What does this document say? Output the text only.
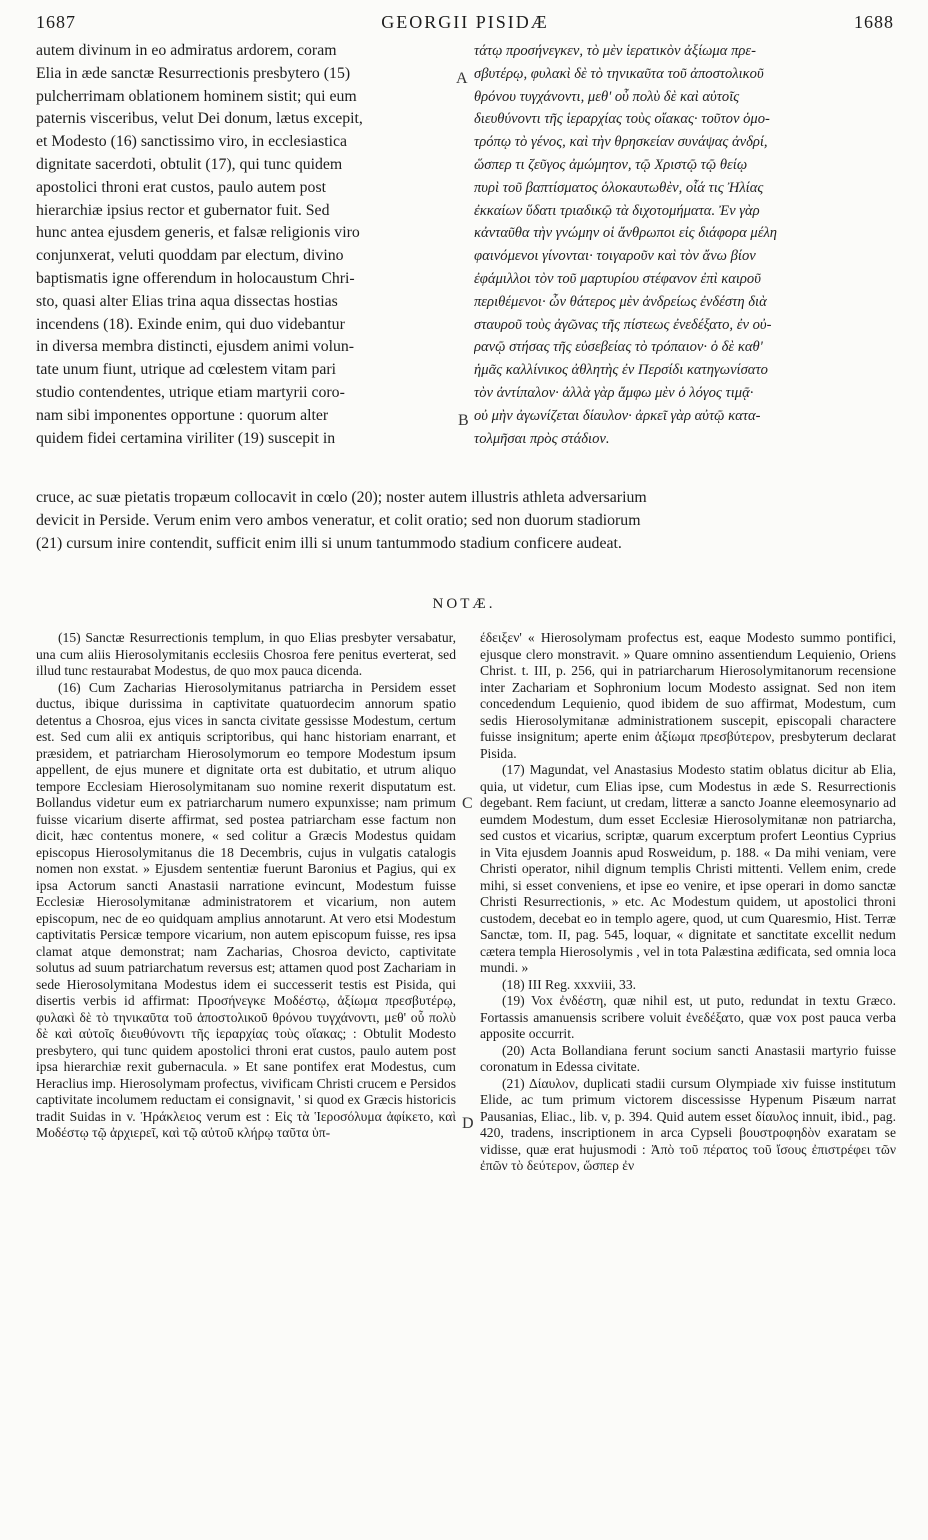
1687	GEORGII PISIDÆ	1688
autem divinum in eo admiratus ardorem, coram
Elia in æde sanctæ Resurrectionis presbytero (15)
pulcherrimam oblationem hominem sistit; qui eum
paternis visceribus, velut Dei donum, lætus excepit,
et Modesto (16) sanctissimo viro, in ecclesiastica
dignitate sacerdoti, obtulit (17), qui tunc quidem
apostolici throni erat custos, paulo autem post
hierarchiæ ipsius rector et gubernator fuit. Sed
hunc antea ejusdem generis, et falsæ religionis viro
conjunxerat, veluti quoddam par electum, divino
baptismatis igne offerendum in holocaustum Chri-
sto, quasi alter Elias trina aqua dissectas hostias
incendens (18). Exinde enim, qui duo videbantur
in diversa membra distincti, ejusdem animi volun-
tate unum fiunt, utrique ad cœlestem vitam pari
studio contendentes, utrique etiam martyrii coro-
nam sibi imponentes opportune : quorum alter
quidem fidei certamina viriliter (19) suscepit in
τάτῳ προσήνεγκεν, τὸ μὲν ἱερατικὸν ἀξίωμα πρε-
σβυτέρῳ, φυλακὶ δὲ τὸ τηνικαῦτα τοῦ ἀποστολικοῦ
θρόνου τυγχάνοντι, μεθ' οὗ πολὺ δὲ καὶ αὐτοῖς
διευθύνοντι τῆς ἱεραρχίας τοὺς οἴακας· τοῦτον ὁμο-
τρόπῳ τὸ γένος, καὶ τὴν θρησκείαν συνάψας ἀνδρί,
ὥσπερ τι ζεῦγος ἀμώμητον, τῷ Χριστῷ τῷ θείῳ
πυρὶ τοῦ βαπτίσματος ὁλοκαυτωθὲν, οἷά τις Ἠλίας
ἐκκαίων ὕδατι τριαδικῷ τὰ διχοτομήματα. Ἐν γὰρ
κἀνταῦθα τὴν γνώμην οἱ ἄνθρωποι εἰς διάφορα μέλη
φαινόμενοι γίνονται· τοιγαροῦν καὶ τὸν ἄνω βίον
ἐφάμιλλοι τὸν τοῦ μαρτυρίου στέφανον ἐπὶ καιροῦ
περιθέμενοι· ὧν θάτερος μὲν ἀνδρείως ἐνδέστη διὰ
σταυροῦ τοὺς ἀγῶνας τῆς πίστεως ἐνεδέξατο, ἐν οὐ-
ρανῷ στήσας τῆς εὐσεβείας τὸ τρόπαιον· ὁ δὲ καθ'
ἡμᾶς καλλίνικος ἀθλητὴς ἐν Περσίδι κατηγωνίσατο
τὸν ἀντίπαλον· ἀλλὰ γὰρ ἄμφω μὲν ὁ λόγος τιμᾷ·
οὐ μὴν ἀγωνίζεται δίαυλον· ἀρκεῖ γὰρ αὐτῷ κατα-
τολμῆσαι πρὸς στάδιον.
A
B
C
D
cruce, ac suæ pietatis tropæum collocavit in cœlo (20); noster autem illustris athleta adversarium
devicit in Perside. Verum enim vero ambos veneratur, et colit oratio; sed non duorum stadiorum
(21) cursum inire contendit, sufficit enim illi si unum tantummodo stadium conficere audeat.
NOTÆ.

(15) Sanctæ Resurrectionis templum, in quo Elias presbyter versabatur, una cum aliis Hierosolymitanis ecclesiis Chosroa fere penitus everterat, sed illud tunc restaurabat Modestus, de quo mox pauca dicenda.

(16) Cum Zacharias Hierosolymitanus patriarcha in Persidem esset ductus, ibique durissima in captivitate quatuordecim annorum spatio detentus a Chosroa, ejus vices in sancta civitate gessisse Modestum, certum est. Sed cum alii ex antiquis scriptoribus, qui hanc historiam enarrant, et præsidem, et patriarcham Hierosolymorum eo tempore Modestum ipsum appellent, de ejus munere et dignitate orta est dubitatio, et utrum aliquo tempore Ecclesiam Hierosolymitanam suo nomine rexerit disputatum est. Bollandus videtur eum ex patriarcharum numero expunxisse; nam primum fuisse vicarium diserte affirmat, sed postea patriarcham esse factum non dicit, hæc contentus monere, « sed colitur a Græcis Modestus quidam episcopus Hierosolymitanus die 18 Decembris, cujus in vulgatis catalogis nomen non exstat. » Ejusdem sententiæ fuerunt Baronius et Pagius, qui ex ipsa Actorum sancti Anastasii narratione evincunt, Modestum fuisse Ecclesiæ Hierosolymitanæ administratorem et vicarium, non autem episcopum, nec de eo quidquam amplius annotarunt. At vero etsi Modestum captivitatis Persicæ tempore vicarium, non autem episcopum fuisse, res ipsa clamat atque demonstrat; nam Zacharias, Chosroa devicto, captivitate solutus ad suum patriarchatum reversus est; attamen quod post Zachariam in sede Hierosolymitana Modestus idem ei successerit testis est Pisida, qui disertis verbis id affirmat: Προσήνεγκε Μοδέστῳ, ἀξίωμα πρεσβυτέρῳ, φυλακὶ δὲ τὸ τηνικαῦτα τοῦ ἀποστολικοῦ θρόνου τυγχάνοντι, μεθ' οὗ πολὺ δὲ καὶ αὐτοῖς διευθύνοντι τῆς ἱεραρχίας τοὺς οἴακας; : Obtulit Modesto presbytero, qui tunc quidem apostolici throni erat custos, paulo autem post ipsa hierarchiæ rexit gubernacula. » Et sane pontifex erat Modestus, cum Heraclius imp. Hierosolymam profectus, vivificam Christi crucem e Persidos captivitate incolumem reductam ei consignavit, ' si quod ex Græcis historicis tradit Suidas in v. Ἡράκλειος verum est : Εἰς τὰ Ἱεροσόλυμα ἀφίκετο, καὶ Μοδέστῳ τῷ ἀρχιερεῖ, καὶ τῷ αὐτοῦ κλήρῳ ταῦτα ὑπ-

έδειξεν' « Hierosolymam profectus est, eaque Modesto summo pontifici, ejusque clero monstravit. » Quare omnino assentiendum Lequienio, Oriens Christ. t. III, p. 256, qui in patriarcharum Hierosolymitanorum recensione inter Zachariam et Sophronium locum Modesto assignat. Sed non item concedendum Lequienio, quod ibidem de suo affirmat, Modestum, cum sedis Hierosolymitanæ administrationem suscepit, episcopali charactere fuisse insignitum; aperte enim ἀξίωμα πρεσβύτερον, presbyterum declarat Pisida.

(17) Magundat, vel Anastasius Modesto statim oblatus dicitur ab Elia, quia, ut videtur, cum Elias ipse, cum Modestus in æde S. Resurrectionis degebant. Rem faciunt, ut credam, litteræ a sancto Joanne eleemosynario ad eumdem Modestum, dum esset Ecclesiæ Hierosolymitanæ non patriarcha, sed custos et vicarius, scriptæ, quarum excerptum profert Leontius Cyprius in Vita ejusdem Joannis apud Rosweidum, p. 188. « Da mihi veniam, vere Christi operator, nihil dignum templis Christi mittenti. Vellem enim, crede mihi, si esset conveniens, et ipse eo venire, et ipse operari in domo sanctæ Christi Resurrectionis, » etc. Ac Modestum quidem, ut apostolici throni custodem, decebat eo in templo agere, quod, ut cum Quaresmio, Hist. Terræ Sanctæ, tom. II, pag. 545, loquar, « dignitate et sanctitate excellit nedum cætera templa Hierosolymis , vel in tota Palæstina ædificata, sed omnia loca mundi. »

(18) III Reg. xxxviii, 33.

(19) Vox ἐνδέστη, quæ nihil est, ut puto, redundat in textu Græco. Fortassis amanuensis scribere voluit ἐνεδέξατο, quæ vox post pauca verba apposite occurrit.

(20) Acta Bollandiana ferunt socium sancti Anastasii martyrio fuisse coronatum in Edessa civitate.

(21) Δίαυλον, duplicati stadii cursum Olympiade xiv fuisse institutum Elide, ac tum primum victorem discessisse Hypenum Pisæum narrat Pausanias, Eliac., lib. v, p. 394. Quid autem esset δίαυλος innuit, ibid., pag. 420, tradens, inscriptionem in arca Cypseli βουστροφηδὸν exaratam se vidisse, quæ erat hujusmodi : Ἀπὸ τοῦ πέρατος τοῦ ἴσους ἐπιστρέφει τῶν ἐπῶν τὸ δεύτερον, ὥσπερ ἐν
